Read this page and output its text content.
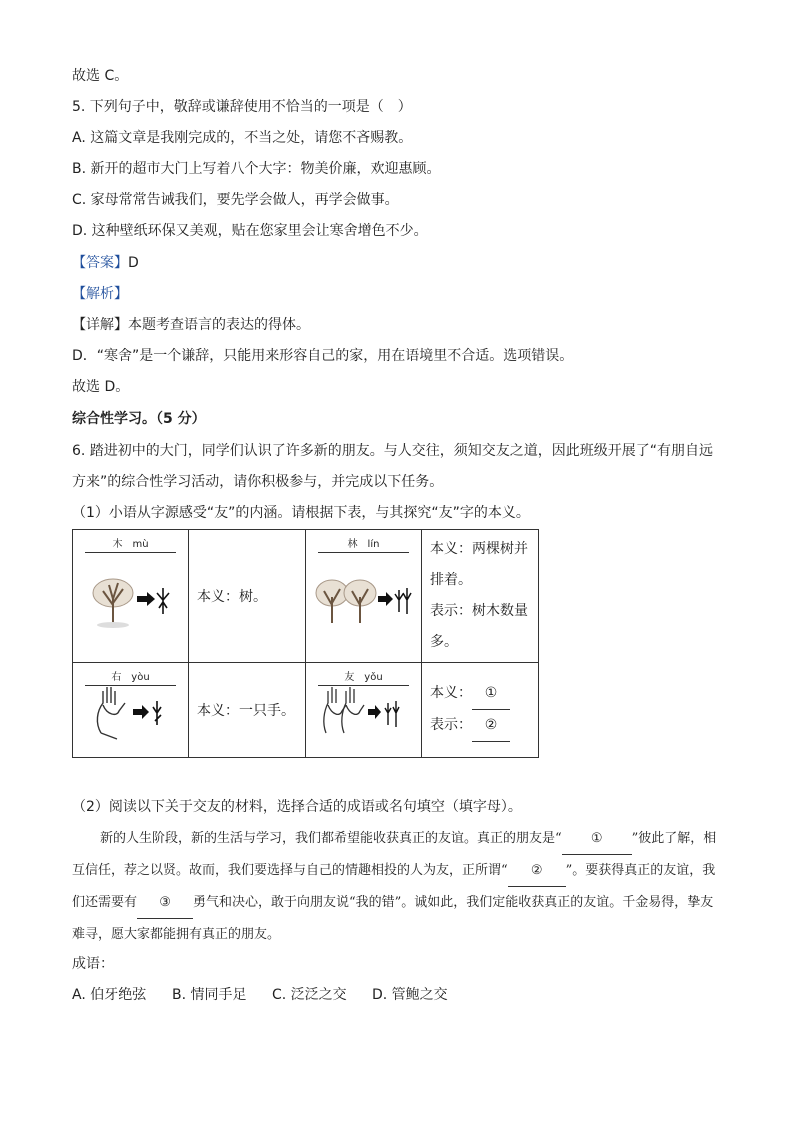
故选 C。
5. 下列句子中，敬辞或谦辞使用不恰当的一项是（　）
A. 这篇文章是我刚完成的，不当之处，请您不吝赐教。
B. 新开的超市大门上写着八个大字：物美价廉，欢迎惠顾。
C. 家母常常告诫我们，要先学会做人，再学会做事。
D. 这种壁纸环保又美观，贴在您家里会让寒舍增色不少。
【答案】D
【解析】
【详解】本题考查语言的表达的得体。
D．“寒舍”是一个谦辞，只能用来形容自己的家，用在语境里不合适。选项错误。
故选 D。
综合性学习。（5 分）
6. 踏进初中的大门，同学们认识了许多新的朋友。与人交往，须知交友之道，因此班级开展了“有朋自远
方来”的综合性学习活动，请你积极参与，并完成以下任务。
（1）小语从字源感受“友”的内涵。请根据下表，与其探究“友”字的本义。
木　mù	本义：树。	林　lín	本义：两棵树并
排着。
表示：树木数量
多。

右　yòu	本义：一只手。	友　yǒu	本义： ①
表示： ②
（2）阅读以下关于交友的材料，选择合适的成语或名句填空（填字母）。
新的人生阶段，新的生活与学习，我们都希望能收获真正的友谊。真正的朋友是“ ① ”彼此了解，相互信任，荐之以贤。故而，我们要选择与自己的情趣相投的人为友，正所谓“ ② ”。要获得真正的友谊，我们还需要有 ③ 勇气和决心，敢于向朋友说“我的错”。诚如此，我们定能收获真正的友谊。千金易得，挚友难寻，愿大家都能拥有真正的朋友。
成语：
A. 伯牙绝弦 B. 情同手足 C. 泛泛之交 D. 管鲍之交
